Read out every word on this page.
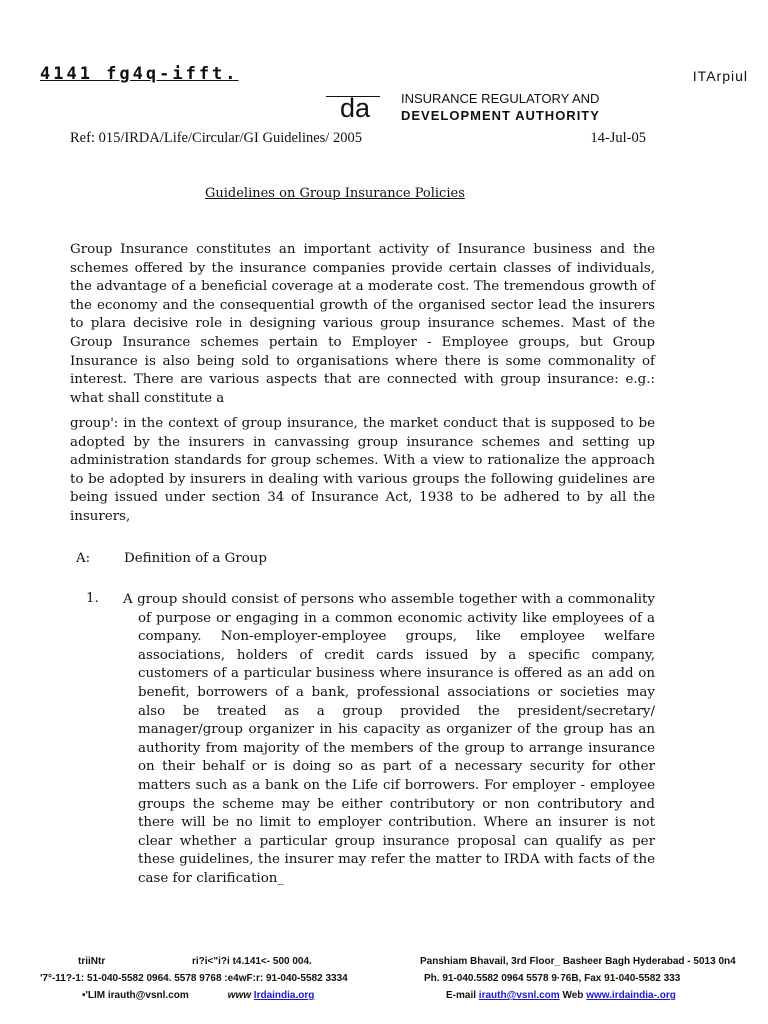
4141 fg4q-ifft.	ITArpiul
da INSURANCE REGULATORY AND
DEVELOPMENT AUTHORITY
Ref: 015/IRDA/Life/Circular/GI Guidelines/ 2005	14-Jul-05
Guidelines on Group Insurance Policies
Group Insurance constitutes an important activity of Insurance business and the schemes offered by the insurance companies provide certain classes of individuals, the advantage of a beneficial coverage at a moderate cost. The tremendous growth of the economy and the consequential growth of the organised sector lead the insurers to plara decisive role in designing various group insurance schemes. Mast of the Group Insurance schemes pertain to Employer - Employee groups, but Group Insurance is also being sold to organisations where there is some commonality of interest. There are various aspects that are connected with group insurance: e.g.: what shall constitute a
group': in the context of group insurance, the market conduct that is supposed to be adopted by the insurers in canvassing group insurance schemes and setting up administration standards for group schemes. With a view to rationalize the approach to be adopted by insurers in dealing with various groups the following guidelines are being issued under section 34 of Insurance Act, 1938 to be adhered to by all the insurers,
A:	Definition of a Group
1. A group should consist of persons who assemble together with a commonality of purpose or engaging in a common economic activity like employees of a company. Non-employer-employee groups, like employee welfare associations, holders of credit cards issued by a specific company, customers of a particular business where insurance is offered as an add on benefit, borrowers of a bank, professional associations or societies may also be treated as a group provided the president/secretary/ manager/group organizer in his capacity as organizer of the group has an authority from majority of the members of the group to arrange insurance on their behalf or is doing so as part of a necessary security for other matters such as a bank on the Life cif borrowers. For employer - employee groups the scheme may be either contributory or non contributory and there will be no limit to employer contribution. Where an insurer is not clear whether a particular group insurance proposal can qualify as per these guidelines, the insurer may refer the matter to IRDA with facts of the case for clarification_
triiNtr	ri?i<"i?i t4.141<- 500 004.
'7°-11?-1: 51-040-5582 0964. 5578 9768 :e4wF:r: 91-040-5582 3334
•'LIM irauth@vsnl.com	www Irdaindia.org
Panshiam Bhavail, 3rd Floor_ Basheer Bagh Hyderabad - 5013 0n4
Ph. 91-040.5582 0964 5578 9·76B, Fax 91-040-5582 333
E-mail irauth@vsnl.com Web www.irdaindia-.org
